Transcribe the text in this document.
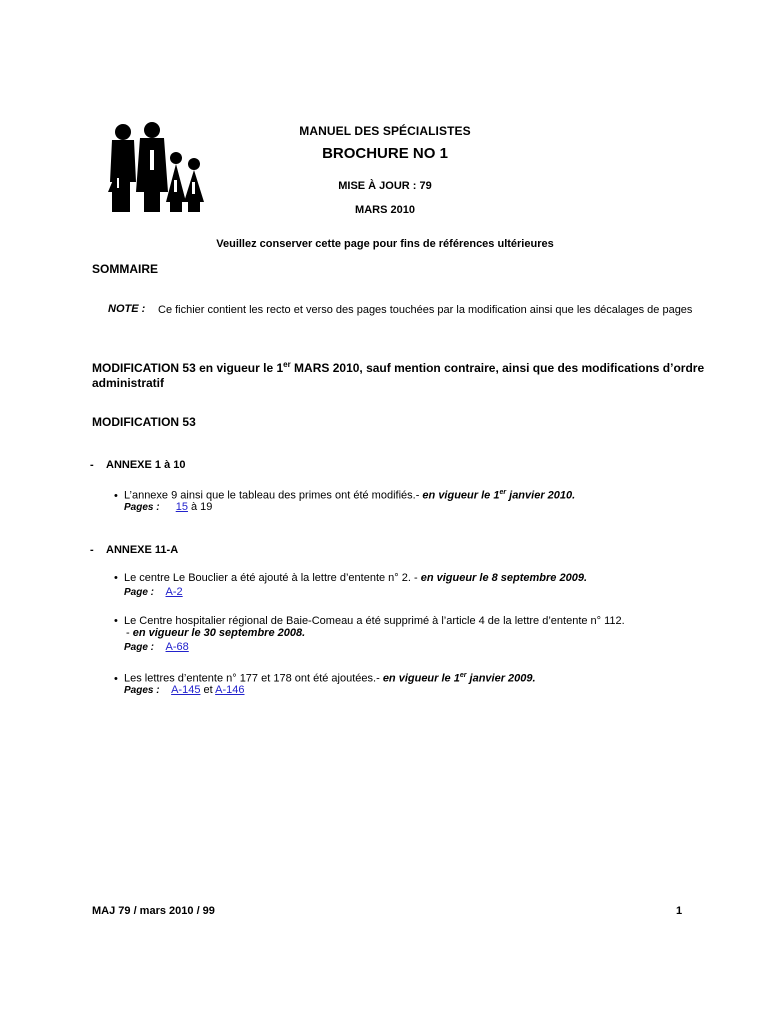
MANUEL DES SPÉCIALISTES
BROCHURE NO 1
MISE À JOUR : 79
MARS 2010
Veuillez conserver cette page pour fins de références ultérieures
SOMMAIRE
NOTE : Ce fichier contient les recto et verso des pages touchées par la modification ainsi que les décalages de pages
MODIFICATION 53 en vigueur le 1er MARS 2010, sauf mention contraire, ainsi que des modifications d’ordre administratif
MODIFICATION 53
- ANNEXE 1 à 10
• L’annexe 9 ainsi que le tableau des primes ont été modifiés.- en vigueur le 1er janvier 2010.
Pages : 15 à 19
- ANNEXE 11-A
• Le centre Le Bouclier a été ajouté à la lettre d’entente n° 2. - en vigueur le 8 septembre 2009.
Page : A-2
• Le Centre hospitalier régional de Baie-Comeau a été supprimé à l’article 4 de la lettre d’entente n° 112.
- en vigueur le 30 septembre 2008.
Page : A-68
• Les lettres d’entente n° 177 et 178 ont été ajoutées.- en vigueur le 1er janvier 2009.
Pages : A-145 et A-146
MAJ 79 / mars 2010 / 99	1
